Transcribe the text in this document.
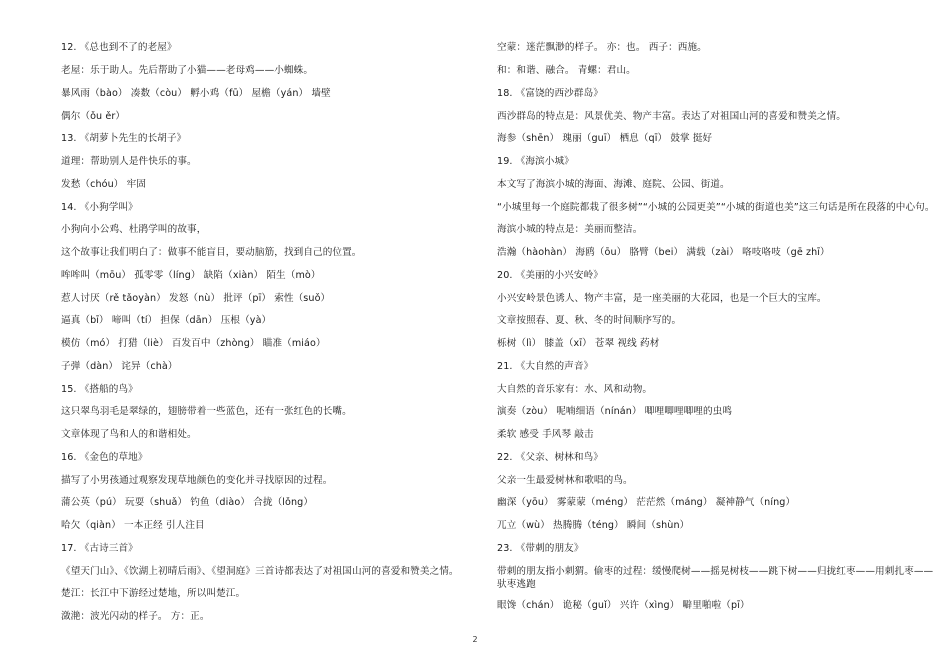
12. 《总也到不了的老屋》
老屋：乐于助人。先后帮助了小猫——老母鸡——小蜘蛛。
暴风雨（bào） 凑数（còu） 孵小鸡（fū） 屋檐（yán） 墙壁
偶尔（ǒu ěr）
13. 《胡萝卜先生的长胡子》
道理：帮助别人是件快乐的事。
发愁（chóu） 牢固
14. 《小狗学叫》
小狗向小公鸡、杜鹃学叫的故事，
这个故事让我们明白了：做事不能盲目，要动脑筋，找到自己的位置。
哞哞叫（mōu） 孤零零（líng） 缺陷（xiàn） 陌生（mò）
惹人讨厌（rě tǎoyàn） 发怒（nù） 批评（pī） 索性（suǒ）
逼真（bī） 啼叫（tí） 担保（dān） 压根（yà）
模仿（mó） 打猎（liè） 百发百中（zhòng） 瞄准（miáo）
子弹（dàn） 诧异（chà）
15. 《搭船的鸟》
这只翠鸟羽毛是翠绿的，翅膀带着一些蓝色，还有一张红色的长嘴。
文章体现了鸟和人的和谐相处。
16. 《金色的草地》
描写了小男孩通过观察发现草地颜色的变化并寻找原因的过程。
蒲公英（pú） 玩耍（shuǎ） 钓鱼（diào） 合拢（lǒng）
哈欠（qiàn） 一本正经 引人注目
17. 《古诗三首》
《望天门山》、《饮湖上初晴后雨》、《望洞庭》三首诗都表达了对祖国山河的喜爱和赞美之情。
楚江：长江中下游经过楚地，所以叫楚江。
潋滟：波光闪动的样子。 方：正。
空蒙：迷茫飘渺的样子。 亦：也。 西子：西施。
和：和谐、融合。 青螺：君山。
18. 《富饶的西沙群岛》
西沙群岛的特点是：风景优美、物产丰富。表达了对祖国山河的喜爱和赞美之情。
海参（shēn） 瑰丽（guī） 栖息（qī） 鼓掌 挺好
19. 《海滨小城》
本文写了海滨小城的海面、海滩、庭院、公园、街道。
“小城里每一个庭院都栽了很多树”“小城的公园更美”“小城的街道也美”这三句话是所在段落的中心句。
海滨小城的特点是：美丽而整洁。
浩瀚（hàohàn） 海鸥（ōu） 胳臂（bei） 满载（zài） 咯吱咯吱（gē zhī）
20. 《美丽的小兴安岭》
小兴安岭景色诱人、物产丰富，是一座美丽的大花园，也是一个巨大的宝库。
文章按照春、夏、秋、冬的时间顺序写的。
栎树（lì） 膝盖（xī） 苍翠 视线 药材
21. 《大自然的声音》
大自然的音乐家有：水、风和动物。
演奏（zòu） 呢喃细语（nínán） 唧哩唧哩唧哩的虫鸣
柔软 感受 手风琴 敲击
22. 《父亲、树林和鸟》
父亲一生最爱树林和歌唱的鸟。
幽深（yōu） 雾蒙蒙（méng） 茫茫然（máng） 凝神静气（níng）
兀立（wù） 热腾腾（téng） 瞬间（shùn）
23. 《带刺的朋友》
带刺的朋友指小刺猬。偷枣的过程：缓慢爬树——摇晃树枝——跳下树——归拢红枣——用刺扎枣——
驮枣逃跑
眼馋（chán） 诡秘（guǐ） 兴许（xìng） 噼里啪啦（pī）
2
